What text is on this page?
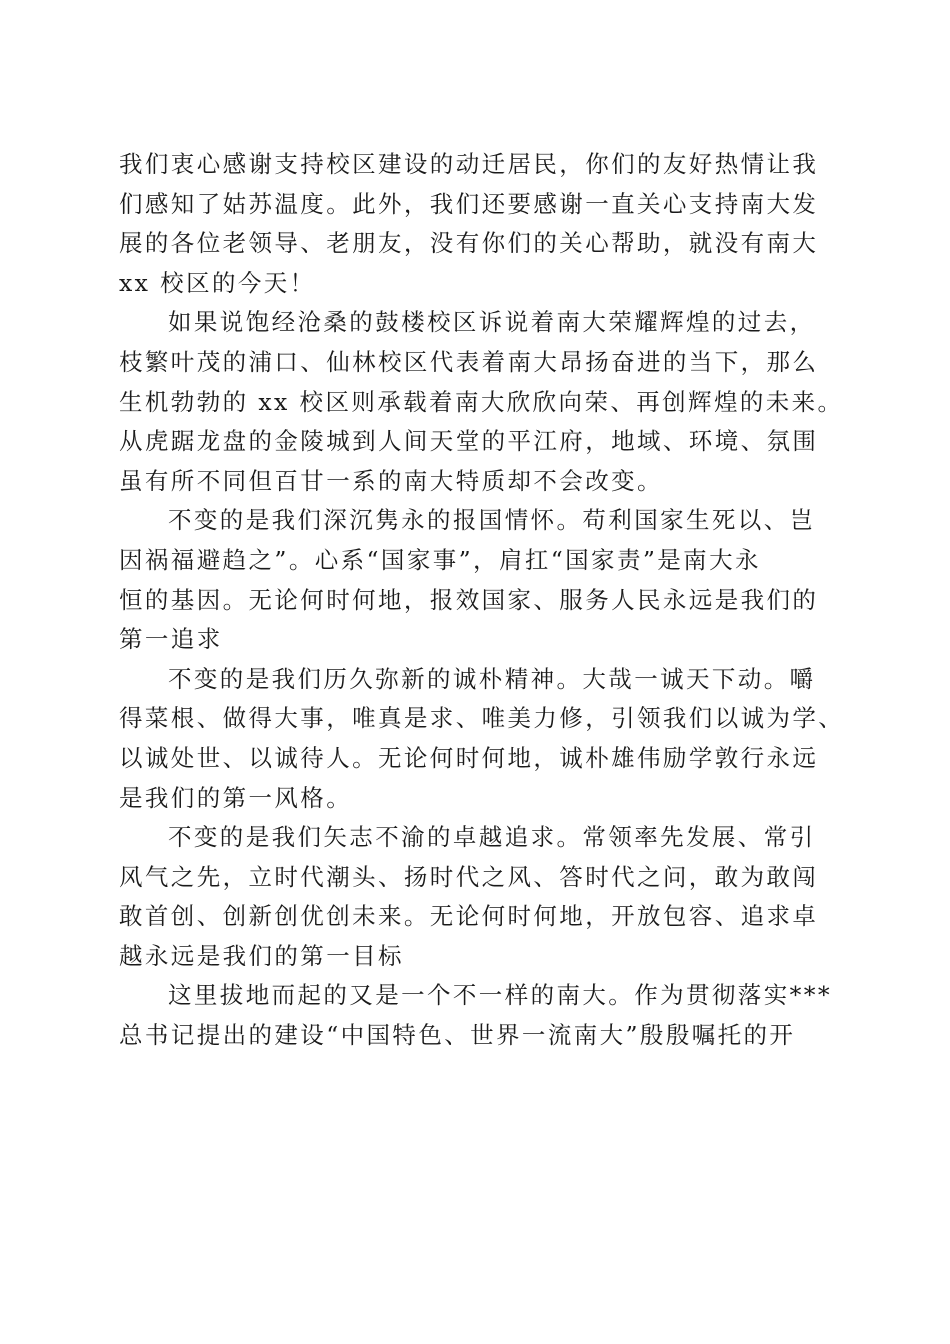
我们衷心感谢支持校区建设的动迁居民，你们的友好热情让我
们感知了姑苏温度。此外，我们还要感谢一直关心支持南大发
展的各位老领导、老朋友，没有你们的关心帮助，就没有南大
xx 校区的今天！

如果说饱经沧桑的鼓楼校区诉说着南大荣耀辉煌的过去，
枝繁叶茂的浦口、仙林校区代表着南大昂扬奋进的当下，那么
生机勃勃的 xx 校区则承载着南大欣欣向荣、再创辉煌的未来。
从虎踞龙盘的金陵城到人间天堂的平江府，地域、环境、氛围
虽有所不同但百甘一系的南大特质却不会改变。

不变的是我们深沉隽永的报国情怀。苟利国家生死以、岂
因祸福避趋之”。心系“国家事”，肩扛“国家责”是南大永
恒的基因。无论何时何地，报效国家、服务人民永远是我们的
第一追求

不变的是我们历久弥新的诚朴精神。大哉一诚天下动。嚼
得菜根、做得大事，唯真是求、唯美力修，引领我们以诚为学、
以诚处世、以诚待人。无论何时何地，诚朴雄伟励学敦行永远
是我们的第一风格。

不变的是我们矢志不渝的卓越追求。常领率先发展、常引
风气之先，立时代潮头、扬时代之风、答时代之问，敢为敢闯
敢首创、创新创优创未来。无论何时何地，开放包容、追求卓
越永远是我们的第一目标

这里拔地而起的又是一个不一样的南大。作为贯彻落实***
总书记提出的建设“中国特色、世界一流南大”殷殷嘱托的开
